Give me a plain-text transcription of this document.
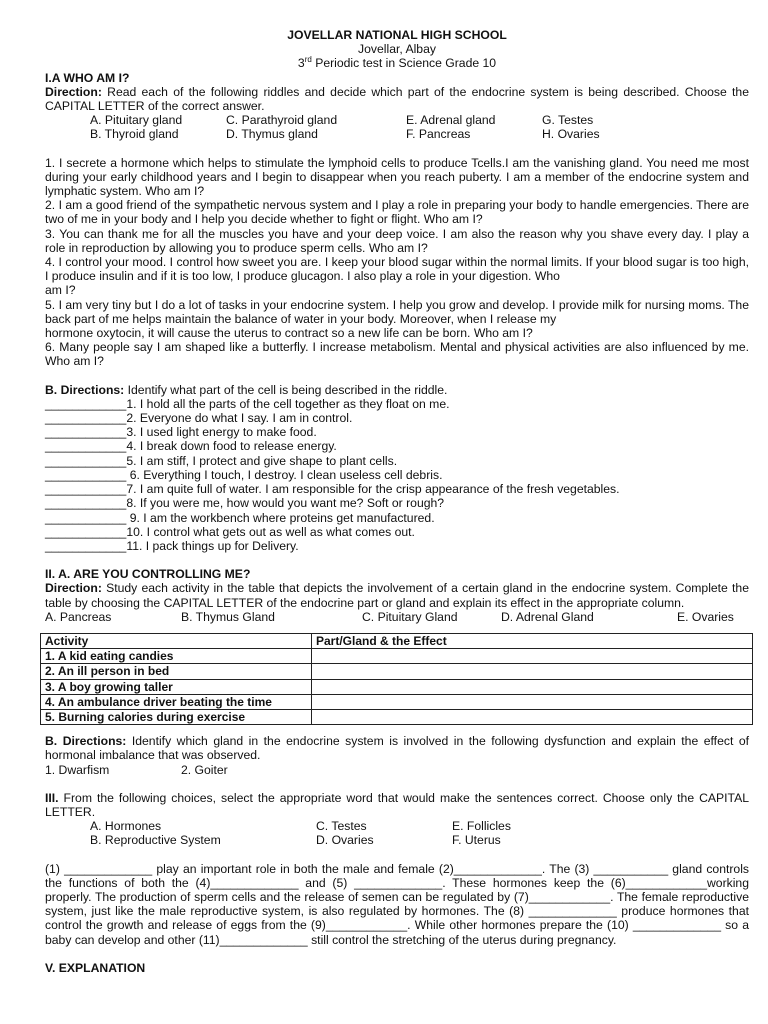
JOVELLAR NATIONAL HIGH SCHOOL

Jovellar, Albay

3rd Periodic test in Science Grade 10

I.A WHO AM I?

Direction: Read each of the following riddles and decide which part of the endocrine system is being described. Choose the CAPITAL LETTER of the correct answer.

A. Pituitary gland	C. Parathyroid gland	E. Adrenal gland	G. Testes
B. Thyroid gland	D. Thymus gland	F. Pancreas	H. Ovaries

1. I secrete a hormone which helps to stimulate the lymphoid cells to produce Tcells.I am the vanishing gland. You need me most during your early childhood years and I begin to disappear when you reach puberty. I am a member of the endocrine system and lymphatic system. Who am I?

2. I am a good friend of the sympathetic nervous system and I play a role in preparing your body to handle emergencies. There are two of me in your body and I help you decide whether to fight or flight. Who am I?

3. You can thank me for all the muscles you have and your deep voice. I am also the reason why you shave every day. I play a role in reproduction by allowing you to produce sperm cells. Who am I?

4. I control your mood. I control how sweet you are. I keep your blood sugar within the normal limits. If your blood sugar is too high, I produce insulin and if it is too low, I produce glucagon. I also play a role in your digestion. Who

am I?

5. I am very tiny but I do a lot of tasks in your endocrine system. I help you grow and develop. I provide milk for nursing moms. The back part of me helps maintain the balance of water in your body. Moreover, when I release my

hormone oxytocin, it will cause the uterus to contract so a new life can be born. Who am I?

6. Many people say I am shaped like a butterfly. I increase metabolism. Mental and physical activities are also influenced by me. Who am I?

B. Directions: Identify what part of the cell is being described in the riddle.

____________1. I hold all the parts of the cell together as they float on me.

____________2. Everyone do what I say. I am in control.

____________3. I used light energy to make food.

____________4. I break down food to release energy.

____________5. I am stiff, I protect and give shape to plant cells.

____________ 6. Everything I touch, I destroy. I clean useless cell debris.

____________7. I am quite full of water. I am responsible for the crisp appearance of the fresh vegetables.

____________8. If you were me, how would you want me? Soft or rough?

____________ 9. I am the workbench where proteins get manufactured.

____________10. I control what gets out as well as what comes out.

____________11. I pack things up for Delivery.

II. A. ARE YOU CONTROLLING ME?

Direction: Study each activity in the table that depicts the involvement of a certain gland in the endocrine system. Complete the table by choosing the CAPITAL LETTER of the endocrine part or gland and explain its effect in the appropriate column.

A. Pancreas	B. Thymus Gland	C. Pituitary Gland	D. Adrenal Gland	E. Ovaries
Activity	Part/Gland & the Effect
1. A kid eating candies	
2. An ill person in bed	
3. A boy growing taller	
4. An ambulance driver beating the time	
5. Burning calories during exercise	

B. Directions: Identify which gland in the endocrine system is involved in the following dysfunction and explain the effect of hormonal imbalance that was observed.

1. Dwarfism	2. Goiter

III. From the following choices, select the appropriate word that would make the sentences correct. Choose only the CAPITAL LETTER.

A. Hormones	C. Testes	E. Follicles
B. Reproductive System	D. Ovaries	F. Uterus

(1) _____________ play an important role in both the male and female (2)_____________. The (3) ___________ gland controls the functions of both the (4)_____________ and (5) _____________. These hormones keep the (6)____________working properly. The production of sperm cells and the release of semen can be regulated by (7)____________. The female reproductive system, just like the male reproductive system, is also regulated by hormones. The (8) _____________ produce hormones that control the growth and release of eggs from the (9)____________. While other hormones prepare the (10) _____________ so a baby can develop and other (11)_____________ still control the stretching of the uterus during pregnancy.

V. EXPLANATION
